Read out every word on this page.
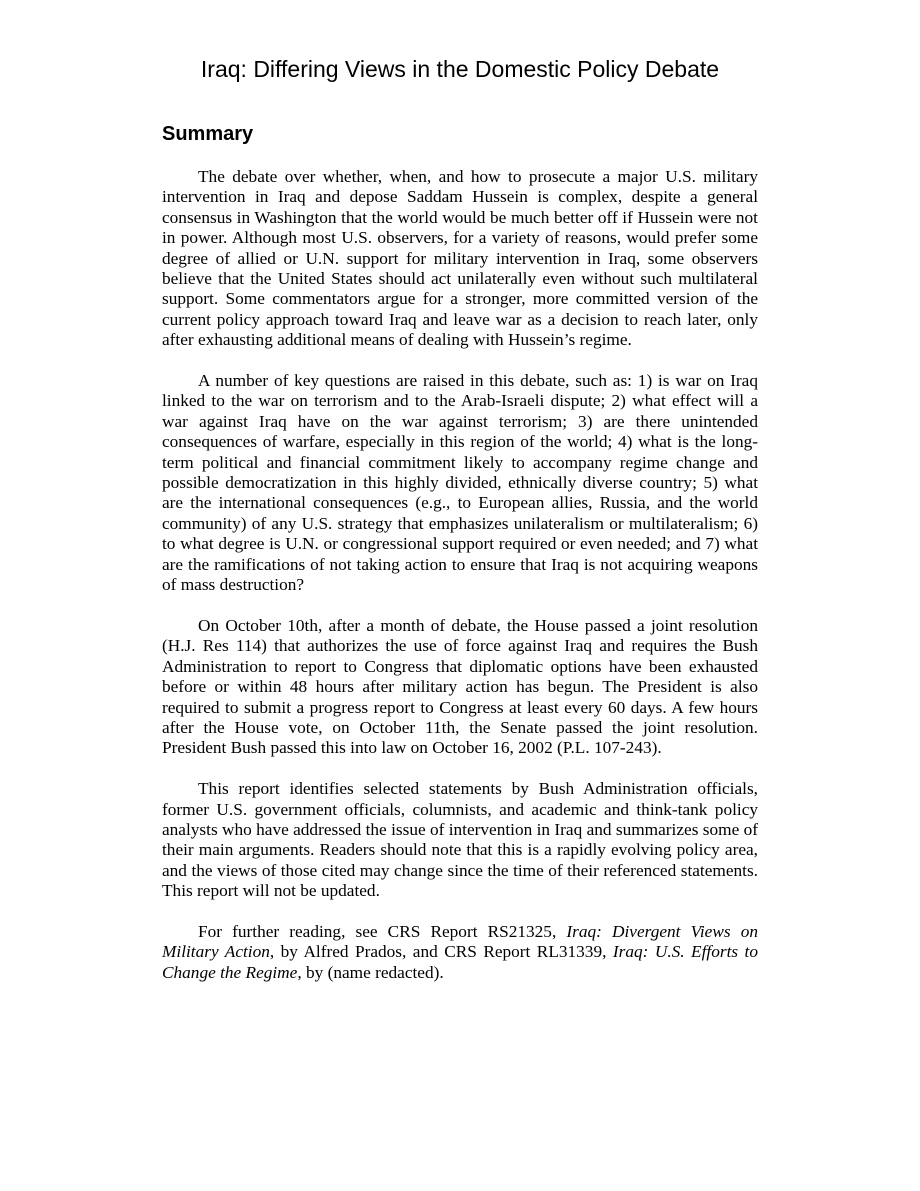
Iraq: Differing Views in the Domestic Policy Debate
Summary

The debate over whether, when, and how to prosecute a major U.S. military intervention in Iraq and depose Saddam Hussein is complex, despite a general consensus in Washington that the world would be much better off if Hussein were not in power. Although most U.S. observers, for a variety of reasons, would prefer some degree of allied or U.N. support for military intervention in Iraq, some observers believe that the United States should act unilaterally even without such multilateral support. Some commentators argue for a stronger, more committed version of the current policy approach toward Iraq and leave war as a decision to reach later, only after exhausting additional means of dealing with Hussein’s regime.

A number of key questions are raised in this debate, such as: 1) is war on Iraq linked to the war on terrorism and to the Arab-Israeli dispute; 2) what effect will a war against Iraq have on the war against terrorism; 3) are there unintended consequences of warfare, especially in this region of the world; 4) what is the long-term political and financial commitment likely to accompany regime change and possible democratization in this highly divided, ethnically diverse country; 5) what are the international consequences (e.g., to European allies, Russia, and the world community) of any U.S. strategy that emphasizes unilateralism or multilateralism; 6) to what degree is U.N. or congressional support required or even needed; and 7) what are the ramifications of not taking action to ensure that Iraq is not acquiring weapons of mass destruction?

On October 10th, after a month of debate, the House passed a joint resolution (H.J. Res 114) that authorizes the use of force against Iraq and requires the Bush Administration to report to Congress that diplomatic options have been exhausted before or within 48 hours after military action has begun. The President is also required to submit a progress report to Congress at least every 60 days. A few hours after the House vote, on October 11th, the Senate passed the joint resolution. President Bush passed this into law on October 16, 2002 (P.L. 107-243).

This report identifies selected statements by Bush Administration officials, former U.S. government officials, columnists, and academic and think-tank policy analysts who have addressed the issue of intervention in Iraq and summarizes some of their main arguments. Readers should note that this is a rapidly evolving policy area, and the views of those cited may change since the time of their referenced statements. This report will not be updated.

For further reading, see CRS Report RS21325, Iraq: Divergent Views on Military Action, by Alfred Prados, and CRS Report RL31339, Iraq: U.S. Efforts to Change the Regime, by (name redacted).
